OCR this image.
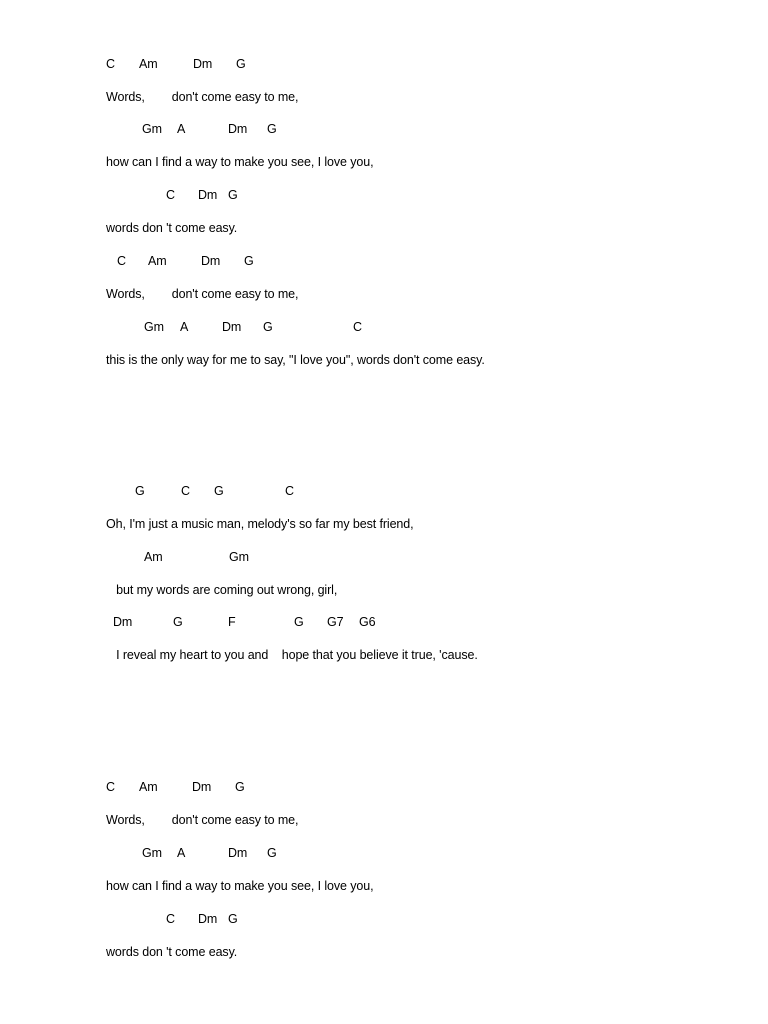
C

Am

	Dm

G

Words,        don't come easy to me,

Gm

A

	Dm

G

how can I find a way to make you see, I love you,

C

Dm

G

words don 't come easy.

C

Am

	Dm

G

Words,        don't come easy to me,

Gm

A

	Dm

G

	C

this is the only way for me to say, "I love you", words don't come easy.

G

	C

G

	C

Oh, I'm just a music man, melody's so far my best friend,

Am

	Gm

but my words are coming out wrong, girl,

Dm

	G

	F

	G

G7

G6

I reveal my heart to you and    hope that you believe it true, 'cause.

C

Am

	Dm

G

Words,        don't come easy to me,

Gm

A

	Dm

G

how can I find a way to make you see, I love you,

C

Dm

G

words don 't come easy.
